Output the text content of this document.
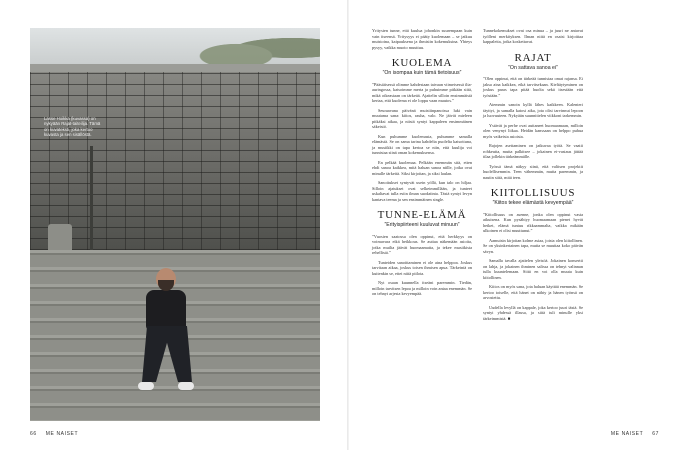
Lasse Hoikka (kuvassa) on nykyään Rajat-taiteilija. Tämä on kuvateksti, joka kertoo kuvasta ja sen sisällöstä.

Yritysten tunne, että kuulua johonkin suurempaan kuin vain itseensä. Yritysyys ei pääty kuolemaan – se jatkuu muistoina, kaipauksena ja ihmisiin kokemuksina. Yhteys pysyy, vaikka muoto muuttuu.

KUOLEMA
”On isompaa kuin tämä tietoisuus”

”Pääsiäisessä olimme kahdestaan taivaan viimeisessä ilta-auringossa, katsoimme merta ja puhuimme pitkään siitä, mikä oikeastaan on tärkeää. Ajattelin silloin ensimmäistä kertaa, että kuolema ei ole loppu vaan muutos.”

Seuraavana päivänä muistiinpanoissa luki vain muutama sana: kiitos, rauha, valo. Ne jäivät mieleen pitkäksi aikaa, ja niistä syntyi kappaleen ensimmäinen säkeistö.

Kun puhumme kuolemasta, puhumme samalla elämästä. Se on sama tarina kahdelta puolelta katsottuna, ja musiikki on tapa kertoa se niin, että kuulija voi tunnistaa siinä oman kokemuksensa.

En pelkää kuolemaa. Pelkään enemmän sitä, etten ehdi sanoa kaikkea, mitä haluan sanoa niille, jotka ovat minulle tärkeitä. Siksi kirjoitan, ja siksi laulan.

Sanoitukset syntyvät usein yöllä, kun talo on hiljaa. Silloin ajatukset ovat selkeimmillään, ja tunteet uskaltavat tulla esiin ilman suodatinta. Tästä syntyi levyn kantava teema ja sen ensimmäinen single.

TUNNE-ELÄMÄ
”Erityispiirteeni kuuluvat minuun”

”Vuosien saatossa olen oppinut, että herkkyys on voimavara eikä heikkous. Se auttaa näkemään asioita, jotka muilta jäävät huomaamatta, ja tekee musiikista rehellistä.”

Tunteiden sanoittaminen ei ole aina helppoa. Joskus tarvitaan aikaa, joskus toisen ihmisen apua. Tärkeintä on kuitenkin se, ettei niitä piilota.

Nyt osaan kuunnella itseäni paremmin. Tiedän, milloin tarvitsen lepoa ja milloin voin antaa enemmän. Se on tehnyt arjesta kevyempää.

Tunnekokemukset ovat osa minua – ja juuri ne antavat työlleni merkityksen. Ilman niitä en osaisi kirjoittaa kappaleita, jotka koskettavat.

RAJAT
”On sattava sanoa ei”

”Olen oppinut, että on tärkeää tunnistaa omat rajansa. Ei jaksa aina kaikkea, eikä tarvitsekaan. Kieltäytyminen on joskus paras tapa pitää huolta sekä itsestään että työstään.”

Aiemmin sanoin kyllä lähes kaikkeen. Kalenteri täyttyi, ja samalla katosi aika, jota olisi tarvinnut lepoon ja luovuuteen. Nykyään suunnittelen viikkoni tarkemmin.

Ystävät ja perhe ovat auttaneet huomaamaan, milloin olen venynyt liikaa. Heidän kanssaan on helppo puhua myös vaikeista asioista.

Rajojen asettaminen on jatkuvaa työtä. Se vaatii rohkeutta, mutta palkitsee – jokainen ei-vastaus jättää tilaa jollekin tärkeämmälle.

Työssä tämä näkyy siinä, että valitsen projektit huolellisemmin. Teen vähemmän, mutta paremmin, ja nautin siitä, mitä teen.

KIITOLLISUUS
”Kiitos tekee elämästä kevyempää”

”Kiitollisuus on asenne, jonka olen oppinut vasta aikuisena. Kun pysähtyy huomaamaan pienet hyvät hetket, elämä tuntuu rikkaammalta, vaikka mikään ulkoinen ei olisi muuttunut.”

Aamuisin kirjoitan kolme asiaa, joista olen kiitollinen. Se on yksinkertainen tapa, mutta se muuttaa koko päivän sävyn.

Samalla tavalla ajattelen yleisöä. Jokainen konsertti on lahja, ja jokainen ihminen salissa on tehnyt valinnan tulla kuuntelemaan. Siitä en voi olla muuta kuin kiitollinen.

Kiitos on myös sana, jota haluan käyttää enemmän. Se kertoo toiselle, että hänet on nähty ja hänen työnsä on arvostettu.

Uudella levyllä on kappale, joka kertoo juuri tästä. Se syntyi yhdessä illassa, ja siitä tuli minulle yksi tärkeimmistä. ■

66 ME NAISET	ME NAISET 67
